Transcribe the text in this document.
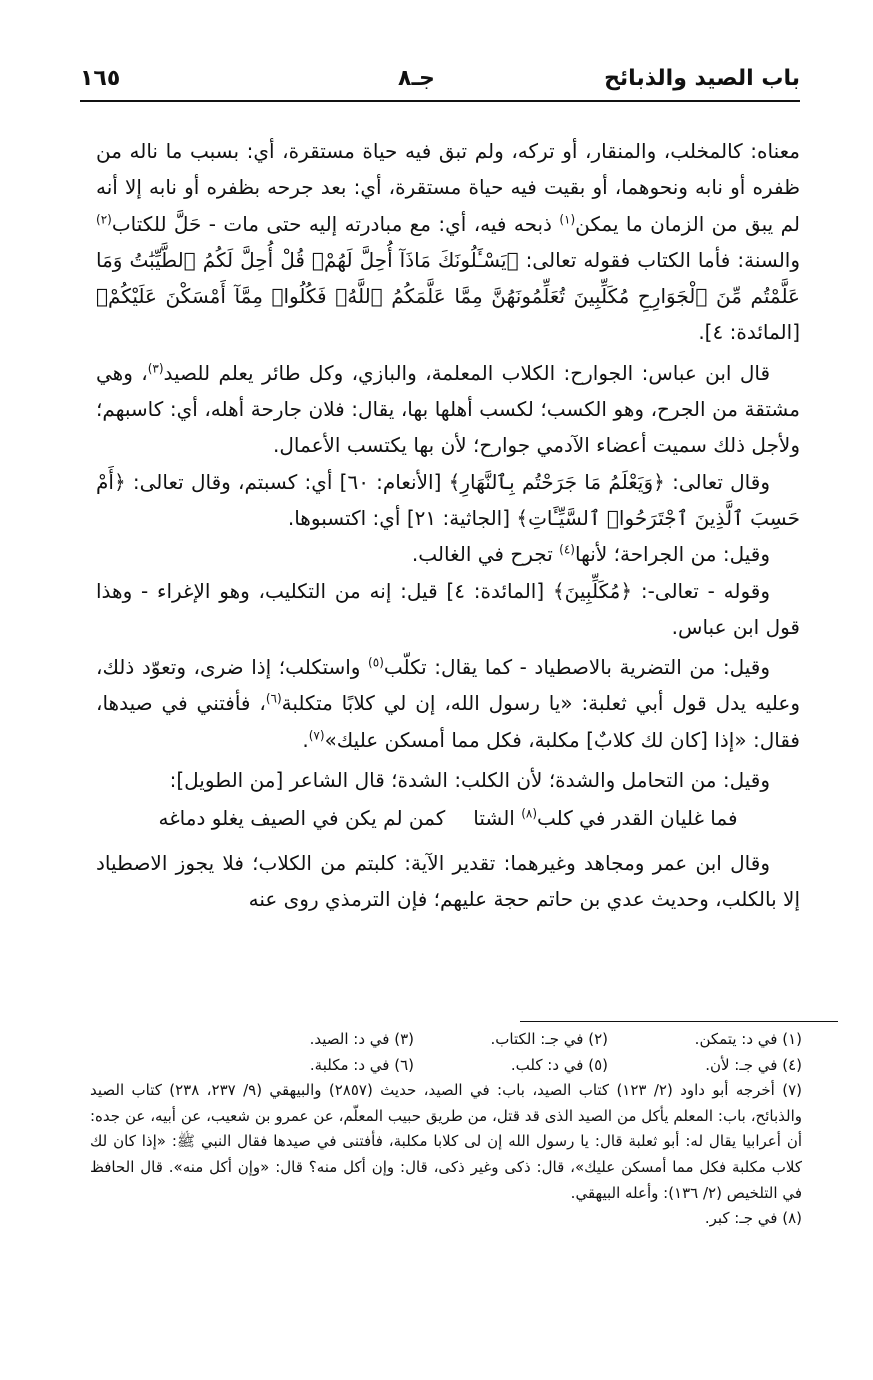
باب الصيد والذبائح
جـ٨
١٦٥

معناه: كالمخلب، والمنقار، أو تركه، ولم تبق فيه حياة مستقرة، أي: بسبب ما ناله من ظفره أو نابه ونحوهما، أو بقيت فيه حياة مستقرة، أي: بعد جرحه بظفره أو نابه إلا أنه لم يبق من الزمان ما يمكن$^{(١)}$ ذبحه فيه، أي: مع مبادرته إليه حتى مات - حَلَّ للكتاب$^{(٢)}$ والسنة: فأما الكتاب فقوله تعالى: ﴿يَسْـَٔلُونَكَ مَاذَآ أُحِلَّ لَهُمْۖ قُلْ أُحِلَّ لَكُمُ ٱلطَّيِّبَٰتُ وَمَا عَلَّمْتُم مِّنَ ٱلْجَوَارِحِ مُكَلِّبِينَ تُعَلِّمُونَهُنَّ مِمَّا عَلَّمَكُمُ ٱللَّهُۖ فَكُلُوا۟ مِمَّآ أَمْسَكْنَ عَلَيْكُمْ﴾ [المائدة: ٤].

قال ابن عباس: الجوارح: الكلاب المعلمة، والبازي، وكل طائر يعلم للصيد$^{(٣)}$، وهي مشتقة من الجرح، وهو الكسب؛ لكسب أهلها بها، يقال: فلان جارحة أهله، أي: كاسبهم؛ ولأجل ذلك سميت أعضاء الآدمي جوارح؛ لأن بها يكتسب الأعمال.

وقال تعالى: ﴿وَيَعْلَمُ مَا جَرَحْتُم بِٱلنَّهَارِ﴾ [الأنعام: ٦٠] أي: كسبتم، وقال تعالى: ﴿أَمْ حَسِبَ ٱلَّذِينَ ٱجْتَرَحُوا۟ ٱلسَّيِّـَٔاتِ﴾ [الجاثية: ٢١] أي: اكتسبوها.

وقيل: من الجراحة؛ لأنها$^{(٤)}$ تجرح في الغالب.

وقوله - تعالى-: ﴿مُكَلِّبِينَ﴾ [المائدة: ٤] قيل: إنه من التكليب، وهو الإغراء - وهذا قول ابن عباس.

وقيل: من التضرية بالاصطياد - كما يقال: تكلّب$^{(٥)}$ واستكلب؛ إذا ضرى، وتعوّد ذلك، وعليه يدل قول أبي ثعلبة: «يا رسول الله، إن لي كلابًا متكلبة$^{(٦)}$، فأفتني في صيدها، فقال: «إذا [كان لك كلابٌ] مكلبة، فكل مما أمسكن عليك»$^{(٧)}$.

وقيل: من التحامل والشدة؛ لأن الكلب: الشدة؛ قال الشاعر [من الطويل]:

فما غليان القدر في كلب$^{(٨)}$ الشتا
كمن لم يكن في الصيف يغلو دماغه

وقال ابن عمر ومجاهد وغيرهما: تقدير الآية: كلبتم من الكلاب؛ فلا يجوز الاصطياد إلا بالكلب، وحديث عدي بن حاتم حجة عليهم؛ فإن الترمذي روى عنه

(١) في د: يتمكن.
(٢) في جـ: الكتاب.
(٣) في د: الصيد.
(٤) في جـ: لأن.
(٥) في د: كلب.
(٦) في د: مكلبة.
(٧) أخرجه أبو داود (٢/ ١٢٣) كتاب الصيد، باب: في الصيد، حديث (٢٨٥٧) والبيهقي (٩/ ٢٣٧، ٢٣٨) كتاب الصيد والذبائح، باب: المعلم يأكل من الصيد الذى قد قتل، من طريق حبيب المعلّم، عن عمرو بن شعيب، عن أبيه، عن جده: أن أعرابيا يقال له: أبو ثعلبة قال: يا رسول الله إن لى كلابا مكلبة، فأفتنى في صيدها فقال النبي ﷺ: «إذا كان لك كلاب مكلبة فكل مما أمسكن عليك»، قال: ذكى وغير ذكى، قال: وإن أكل منه؟ قال: «وإن أكل منه». قال الحافظ في التلخيص (٢/ ١٣٦): وأعله البيهقي.
(٨) في جـ: كبر.
